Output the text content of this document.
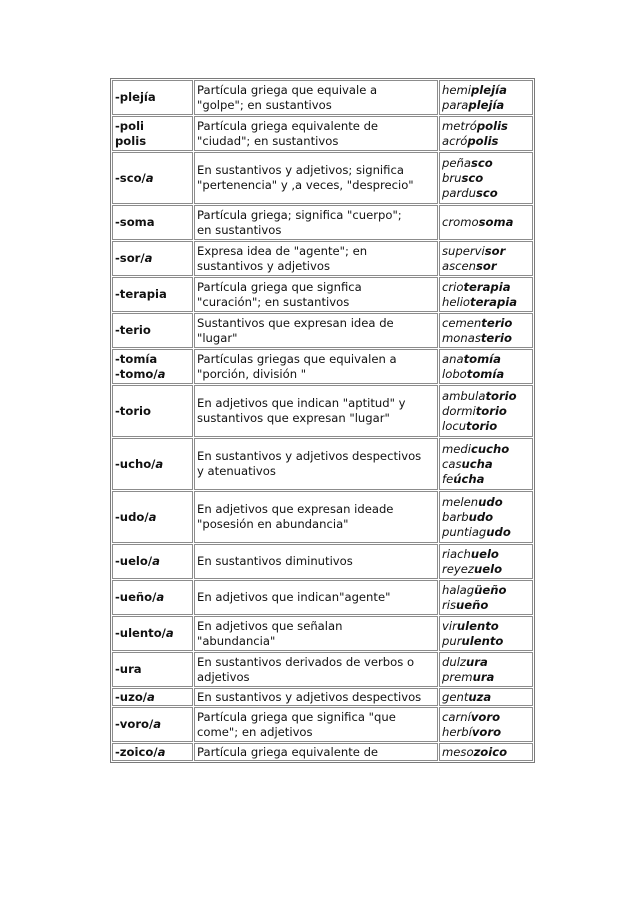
-plejía	Partícula griega que equivale a
"golpe"; en sustantivos	hemiplejía
paraplejía

-poli
polis	Partícula griega equivalente de
"ciudad"; en sustantivos	metrópolis
acrópolis

-sco/a	En sustantivos y adjetivos; significa
"pertenencia" y ,a veces, "desprecio"	peñasco
brusco
pardusco

-soma	Partícula griega; significa "cuerpo";
en sustantivos	cromosoma

-sor/a	Expresa idea de "agente"; en
sustantivos y adjetivos	supervisor
ascensor

-terapia	Partícula griega que signfica
"curación"; en sustantivos	crioterapia
helioterapia

-terio	Sustantivos que expresan idea de
"lugar"	cementerio
monasterio

-tomía
-tomo/a	Partículas griegas que equivalen a
"porción, división "	anatomía
lobotomía

-torio	En adjetivos que indican "aptitud" y
sustantivos que expresan "lugar"	ambulatorio
dormitorio
locutorio

-ucho/a	En sustantivos y adjetivos despectivos
y atenuativos	medicucho
casucha
feúcha

-udo/a	En adjetivos que expresan ideade
"posesión en abundancia"	melenudo
barbudo
puntiagudo

-uelo/a	En sustantivos diminutivos	riachuelo
reyezuelo

-ueño/a	En adjetivos que indican"agente"	halagüeño
risueño

-ulento/a	En adjetivos que señalan
"abundancia"	virulento
purulento

-ura	En sustantivos derivados de verbos o
adjetivos	dulzura
premura

-uzo/a	En sustantivos y adjetivos despectivos	gentuza

-voro/a	Partícula griega que significa "que
come"; en adjetivos	carnívoro
herbívoro

-zoico/a	Partícula griega equivalente de	mesozoico
